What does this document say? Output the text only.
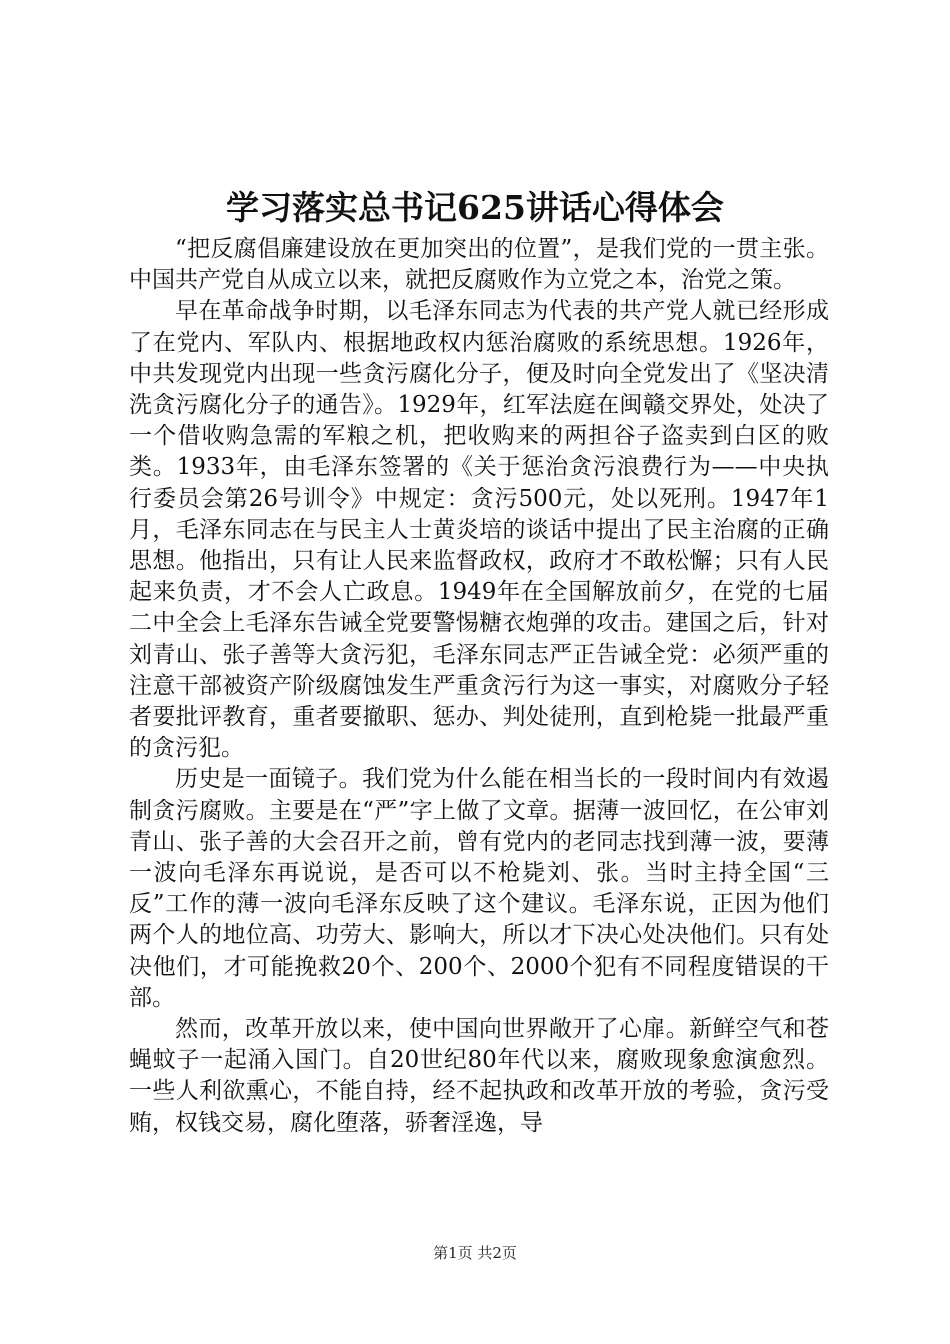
学习落实总书记625讲话心得体会

“把反腐倡廉建设放在更加突出的位置”，是我们党的一贯主张。中国共产党自从成立以来，就把反腐败作为立党之本，治党之策。

早在革命战争时期，以毛泽东同志为代表的共产党人就已经形成了在党内、军队内、根据地政权内惩治腐败的系统思想。1926年，中共发现党内出现一些贪污腐化分子，便及时向全党发出了《坚决清洗贪污腐化分子的通告》。1929年，红军法庭在闽赣交界处，处决了一个借收购急需的军粮之机，把收购来的两担谷子盗卖到白区的败类。1933年，由毛泽东签署的《关于惩治贪污浪费行为——中央执行委员会第26号训令》中规定：贪污500元，处以死刑。1947年1月，毛泽东同志在与民主人士黄炎培的谈话中提出了民主治腐的正确思想。他指出，只有让人民来监督政权，政府才不敢松懈；只有人民起来负责，才不会人亡政息。1949年在全国解放前夕，在党的七届二中全会上毛泽东告诫全党要警惕糖衣炮弹的攻击。建国之后，针对刘青山、张子善等大贪污犯，毛泽东同志严正告诫全党：必须严重的注意干部被资产阶级腐蚀发生严重贪污行为这一事实，对腐败分子轻者要批评教育，重者要撤职、惩办、判处徒刑，直到枪毙一批最严重的贪污犯。

历史是一面镜子。我们党为什么能在相当长的一段时间内有效遏制贪污腐败。主要是在“严”字上做了文章。据薄一波回忆，在公审刘青山、张子善的大会召开之前，曾有党内的老同志找到薄一波，要薄一波向毛泽东再说说，是否可以不枪毙刘、张。当时主持全国“三反”工作的薄一波向毛泽东反映了这个建议。毛泽东说，正因为他们两个人的地位高、功劳大、影响大，所以才下决心处决他们。只有处决他们，才可能挽救20个、200个、2000个犯有不同程度错误的干部。

然而，改革开放以来，使中国向世界敞开了心扉。新鲜空气和苍蝇蚊子一起涌入国门。自20世纪80年代以来，腐败现象愈演愈烈。一些人利欲熏心，不能自持，经不起执政和改革开放的考验，贪污受贿，权钱交易，腐化堕落，骄奢淫逸，导

第1页 共2页
